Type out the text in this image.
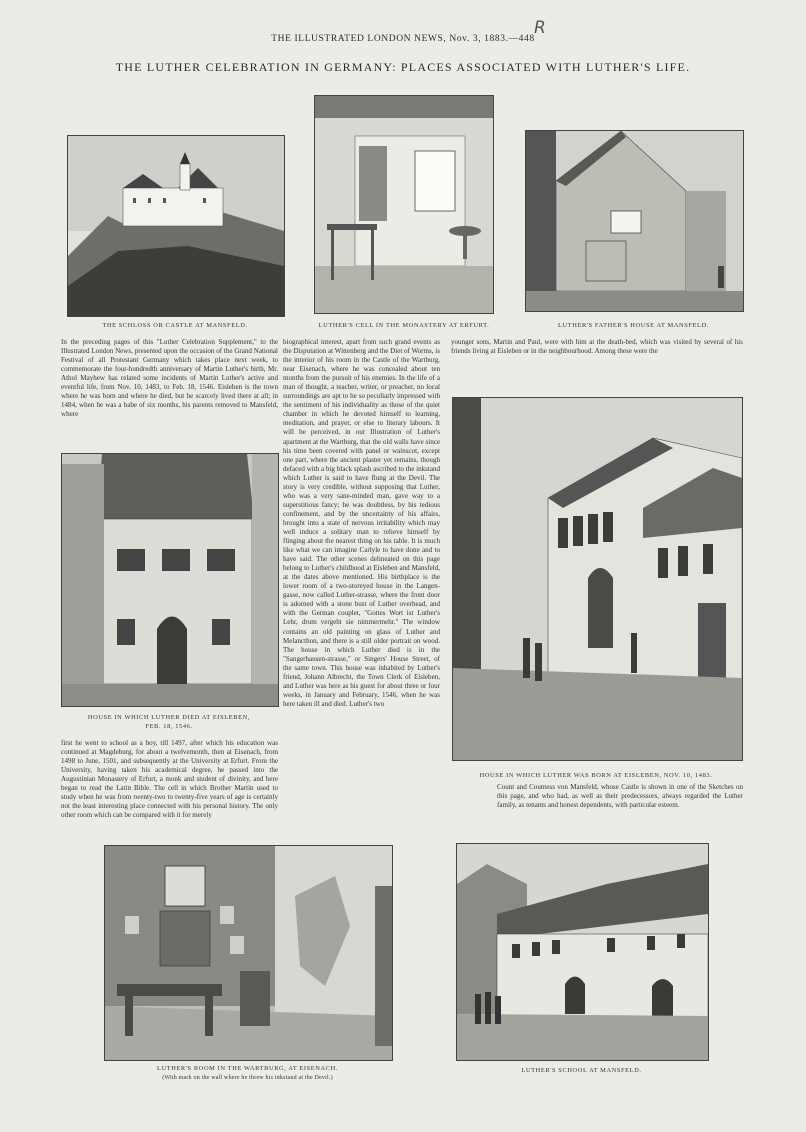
THE ILLUSTRATED LONDON NEWS, Nov. 3, 1883.—448
R
THE LUTHER CELEBRATION IN GERMANY: PLACES ASSOCIATED WITH LUTHER'S LIFE.
THE SCHLOSS OR CASTLE AT MANSFELD.	LUTHER'S CELL IN THE MONASTERY AT ERFURT.	LUTHER'S FATHER'S HOUSE AT MANSFELD.
In the preceding pages of this "Luther Celebration Supplement," to the Illustrated London News, presented upon the occasion of the Grand National Festival of all Protestant Germany which takes place next week, to commemorate the four-hundredth anniversary of Martin Luther's birth, Mr. Athol Mayhew has related some incidents of Martin Luther's active and eventful life, from Nov. 10, 1483, to Feb. 18, 1546. Eisleben is the town where he was born and where he died, but he scarcely lived there at all; in 1484, when he was a babe of six months, his parents removed to Mansfeld, where
biographical interest, apart from such grand events as the Disputation at Wittenberg and the Diet of Worms, is the interior of his room in the Castle of the Wartburg, near Eisenach, where he was concealed about ten months from the pursuit of his enemies. In the life of a man of thought, a teacher, writer, or preacher, no local surroundings are apt to be so peculiarly impressed with the sentiment of his individuality as those of the quiet chamber in which he devoted himself to learning, meditation, and prayer, or else to literary labours. It will be perceived, in our Illustration of Luther's apartment at the Wartburg, that the old walls have since his time been covered with panel or wainscot, except one part, where the ancient plaster yet remains, though defaced with a big black splash ascribed to the inkstand which Luther is said to have flung at the Devil. The story is very credible, without supposing that Luther, who was a very sane-minded man, gave way to a superstitious fancy; he was doubtless, by his tedious confinement, and by the uncertainty of his affairs, brought into a state of nervous irritability which may well induce a solitary man to relieve himself by flinging about the nearest thing on his table. It is much like what we can imagine Carlyle to have done and to have said. The other scenes delineated on this page belong to Luther's childhood at Eisleben and Mansfeld, at the dates above mentioned. His birthplace is the lower room of a two-storeyed house in the Langen-gasse, now called Luther-strasse, where the front door is adorned with a stone bust of Luther overhead, and with the German couplet, "Gottes Wort ist Luther's Lehr, drum vergeht sie nimmermehr." The window contains an old painting on glass of Luther and Melancthon, and there is a still older portrait on wood. The house in which Luther died is in the "Sangerhausen-strasse," or Singers' House Street, of the same town. This house was inhabited by Luther's friend, Johann Albrecht, the Town Clerk of Eisleben, and Luther was here as his guest for about three or four weeks, in January and February, 1546, when he was here taken ill and died. Luther's two
younger sons, Martin and Paul, were with him at the death-bed, which was visited by several of his friends living at Eisleben or in the neighbourhood. Among these were the
HOUSE IN WHICH LUTHER DIED AT EISLEBEN,
FEB. 18, 1546.
HOUSE IN WHICH LUTHER WAS BORN AT EISLEBEN, NOV. 10, 1483.
first he went to school as a boy, till 1497, after which his education was continued at Magdeburg, for about a twelvemonth, then at Eisenach, from 1498 to June, 1501, and subsequently at the University at Erfurt. From the University, having taken his academical degree, he passed into the Augustinian Monastery of Erfurt, a monk and student of divinity, and here began to read the Latin Bible. The cell in which Brother Martin used to study when he was from twenty-two to twenty-five years of age is certainly not the least interesting place connected with his personal history. The only other room which can be compared with it for merely
Count and Countess von Mansfeld, whose Castle is shown in one of the Sketches on this page, and who had, as well as their predecessors, always regarded the Luther family, as tenants and honest dependents, with particular esteem.
LUTHER'S ROOM IN THE WARTBURG, AT EISENACH.
(With mark on the wall where he threw his inkstand at the Devil.)
LUTHER'S SCHOOL AT MANSFELD.
